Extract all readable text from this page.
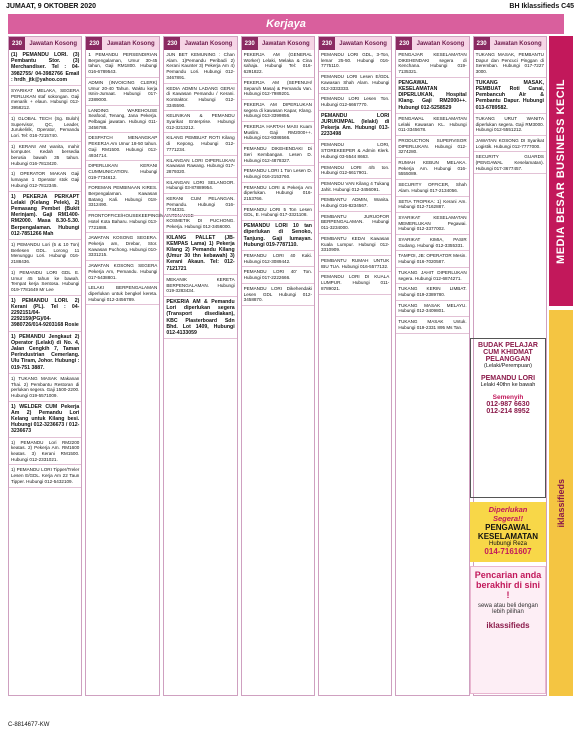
JUMAAT, 9 OKTOBER 2020	BH Iklassifieds C45
Kerjaya
230	Jawatan Kosong
(1) PEMANDU LORI. (3) Pembantu Stor. (3) Merchandiser. Tel : 04-3982755/ 04-3982766 Email : hrdh_jtk@yahoo.com
SYARIKAT MELAKA, SEGERA PERLUKAN staf sokongan. Gaji menarik + elaun. Hubungi 012-3958212.
1) GLOBAL TECH (Sg. Buloh) Supervisor, QC, Leader, Jurukelirik, Operator, Pemandu Lori. Tel: 016-7215740.
1) KERANI AM wanita, mahir komputer. Kedah bersedia berusia bawah 35 tahun. Hubungi 016-7813420.
1) OPERATOR MAKAN Gaji lumayan 1 Operator stok Gaji Hubungi 012-7812345.
1) PEKERJA PERKAPT Lelaki (Kelang Pelek), 2) Pemasang Pembet (Bukit Merinjam). Gaji RM1400-RM2000. Masa 8.30-5.30. Berpengalaman. Hubungi 012-7851266 Mah
1) PEMANDU Lori (5 & 10 Ton) Berlesen GDL. Lorong 11 Menunggu Lori. Hubungi 016-2188436.
1) PEMANDU LORI GDL E. Umur 45 tahun ke bawah. Tempat kerja Sentosa. Hubungi 019-7781649 Mr Lee
1) PEMANDU LORI. 2) Kerani (PL). Tel : 04-2292151/04-2292159(PG)/04-3980726/014-9203168 Rosie
1) PEMANDU Jengkaut 2) Operator (Lelaki) di No. 4, Jalan Cengkih 7, Taman Perindustrian Cemerlang. Ulu Tiram, Johor. Hubungi : 019-751 3887.
1) TUKANG MASAK Makanan Thai. 2) Pembantu Restoran di perlukan segera. Gaji 1500-2200. Hubungi 019-5571009.
1) WELDER CUM Pekerja Am 2) Pemandu Lori Kelang untuk Kilang besi. Hubungi 012-3236673 / 012-3236673
1) PEMANDU Lori RM2200 keatas. 2) Pekerja Am. RM1600 keatas. 3) Kerani RM1500. Hubungi 012-2331021.
1) PEMANDU LORI Tipper/Treler Lesen E/GDL. Kerja Am 22 Taun Tipper. Hubungi 012-5432109.
230	Jawatan Kosong
1 PEMANDU PERSENDIRIAN Berpengalaman, Umur 30-45 tahun, Gaji RM1800. Hubungi 016-6789543.
ADMIN (INVOICING CLERK) Umur 20-40 Tahun. Waktu kerja Isnin-Jumaat. Hubungi 017-2389000.
LANDING WAREHOUSE Seafood, Tenang, Jana Pekerja. Pelbagai jawatan. Hubungi 011-3456788.
DESPATCH MENANGKAP PEKERJA Am Umur 18-50 tahun. Gaji RM1500. Hubungi 012-4934714.
DIPERLUKAN KERANI CUMMUNICATION. Hubungi 019-7734612.
FOREMAN PEMBINAAN KIRES. Berpengalaman. Kawasan Batang Kali. Hubungi 018-3312490.
FRONTOFFICE/HOUSEKEEPING/MAINTENANCE Hotel Kota Baharu. Hubungi 013-7721888.
JAWATAN KOSONG SEGERA. Pekerja am, Drebar, Stor. Kawasan Puchong. Hubungi 010-3331215.
JAWATAN KOSONG SEGERA Pekerja Am, Pemandu. Hubungi 017-5438801.
LELAKI BERPENGALAMAN diperlukan untuk bengkel kereta. Hubungi 012-3456789.
230	Jawatan Kosong
JUN BET KEMUNING : Chan Alam. 1)Pemandu Peribadi 2) Kerani Kaunter 3) Pekerja Am 4) Pemandu Lori. Hubungi 012-3467891.
KEDIA ADMIN LADANG GERAI di Kawasan Pemandu / Kerani. Kontraktor. Hubungi 012-3345590.
KELINIKAN & PEMANDU Syarikat Enterprise. Hubungi 012-3213212.
KILANG PEMBUAT ROTI Kilang di Kepong. Hubungi 012-7771234.
KILANGAN LORI DIPERLUKAN Kawasan Rawang. Hubungi 017-2879320.
KILANGAN LORI SELANGOR. Hubungi 03-87889954.
KERANI CUM PELANGAN. Pemandu. Hubungi 016-7744331.
KOSMETIK DI PUCHONG. Pekerja. Hubungi 012-3456000.
KILANG PALLET (JB-KEMPAS Lama) 1) Pekerja Kilang 2) Pemandu Kilang (Umur 30 thn kebawah) 3) Kerani Akaun. Tel: 012-7121721
MEKANIK KERETA BERPENGALAMAN. Hubungi 019-3283434.
PEKERIA AM & Pemandu Lori diperlukan segera (Transport disediakan), KBC Plasterboard Sdn Bhd. Lot 1409, Hubungi 012-4133059
230	Jawatan Kosong
PEKERJA AM (GENERAL Worker) Lelaki, Melaka & Cina sahaja. Hubungi Tel: 016-6291822.
PEKERJA AM (SEPENUH/ Separuh Masa) & Pemandu Van. Hubungi 012-7989201.
PEKERJA AM DIPERLUKAN segera di kawasan Kapar, Klang. Hubungi 013-3399856.
PEKERJA HARTAH MASI Kuam Muslim. Gaji RM2000++. Hubungi 012-9386566.
PEMANDU DIKEHENDAKI Di Seri Kembangan. Lesen D. Hubungi 012-4878327.
PEMANDU LORI 1 Ton Lesen D. Hubungi 016-2153760.
PEMANDU LORI & Pekerja Am diperlukan. Hubungi 016-2153766.
PEMANDU LORI 5 Ton Lesen GDL, E. Hubungi 017-3321108.
PEMANDU LORI 10 tan diperlukan di Senoko, Tanjung. Gaji lumayan. Hubungi 019-7787110.
PEMANDU LORI 40 Kaki. Hubungi 012-3089442.
PEMANDU LORI 40' Ton. Hubungi 017-2222666.
PEMANDU LORI Dikehendaki Lesen GDL Hubungi 012-3458870.
230	Jawatan Kosong
PEMANDU LORI GDL, 3-Ton, lemar 25-50. Hubungi 016-7775110.
PEMANDU LORI Lesen E/GDL Kawasan Shah Alam. Hubungi 012-3333333.
PEMANDU LORI Lesen Ton. Hubungi 012-6667770.
PEMANDU LORI JURUKIMPAL (lelaki) di Pekerja Am. Hubungi 013-2233498
PEMANDU LORI, STOREKEEPER & Admin Klerk. Hubungi 03-5544 8663.
PEMANDU LORI 4/5 ton. Hubungi 012-6617901.
PEMANDU VAN Kilang 4 Tukang Jahit. Hubungi 012-3456091.
PEMBANTU ADMIN, Wanita. Hubungi 016-8234567.
PEMBANTU JURUOFOR BERPENGALAMAN. Hubungi 011-3234000.
PEMBANTU KEDAI Kawasan Kuala Lumpur. Hubungi 012-3310909.
PEMBANTU RUMAH UNTUK IBU TUA. Hubungi 016-5577132.
PEMANDU LORI DI KUALA LUMPUR. Hubungi 011-8789021.
230	Jawatan Kosong
PENGAJAR KESELAMATAN DIKEHENDAKI segera di Kenchana. Hubungi 019-7135321.
PENGAWAL KESELAMATAN DIPERLUKAN, Hospital Klang. Gaji RM2000++. Hubungi 012-5258529
PENGAWAL KESELAMATAN Lelaki Kawasan KL. Hubungi 011-3345678.
PRODUCTION SUPERVISOR DIPERLUKAN. Hubungi 012-3274280.
RUMAH KEBUN MELAKA. Pekerja Am. Hubungi 016-5555089.
SECURITY OFFICER, Shah Alam. Hubungi 017-2134056.
SETIA TROPIKA: 1) Kerani Am. Hubungi 012-7162887.
SYARIKAT KESELAMATAN MEMERLUKAN Pegawai. Hubungi 012-3377002.
SYARIKAT KIMIA, PASIR Gudang. Hubungi 012-3355331.
TAMPOI, JB: OPERATOR Mesin. Hubungi 016-7020587.
TUKANG JAHIT DIPERLUKAN segera. Hubungi 012-6874271.
TUKANG KERIN LIMBAT. Hubungi 019-2389780.
TUKANG MASAK MELAYU. Hubungi 012-3409801.
TUKANG MASAK Untuk. Hubungi 019-2331 895 Ms Tan.
230	Jawatan Kosong
TUKANG MASAK, PEMBANTU Dapur dan Pencuci Pinggan di Seremban. Hubungi 017-7227 3000.
TUKANG MASAK, PEMBUAT Roti Canai, Pembancuh Air & Pembantu Dapur. Hubungi 013-6789582.
TUKANG URUT WANITA diperlukan segera. Gaji RM3000. Hubungi 012-5551212.
JAWATAN KOSONG DI Syarikat Logistik. Hubungi 012-7777000.
SECURITY GUARDS (PENGAWAL Keselamatan). Hubungi 017-3677457.	MEDIA BESAR BUSINESS KECIL
iklassifieds
BUDAK PELAJAR CUM KHIDMAT PELANGGAN
(Lelaki/Perempuan)
PEMANDU LORI
Lelaki 40thn ke bawah
Semenyih
012-987 6630
012-214 8952
Diperlukan Segera!!
PENGAWAL KESELAMATAN
Hubungi Reza
014-7161607
Pencarian anda berakhir di sini !
sewa atau beli dengan lebih pilihan
iklassifieds
C-8814677-KW
